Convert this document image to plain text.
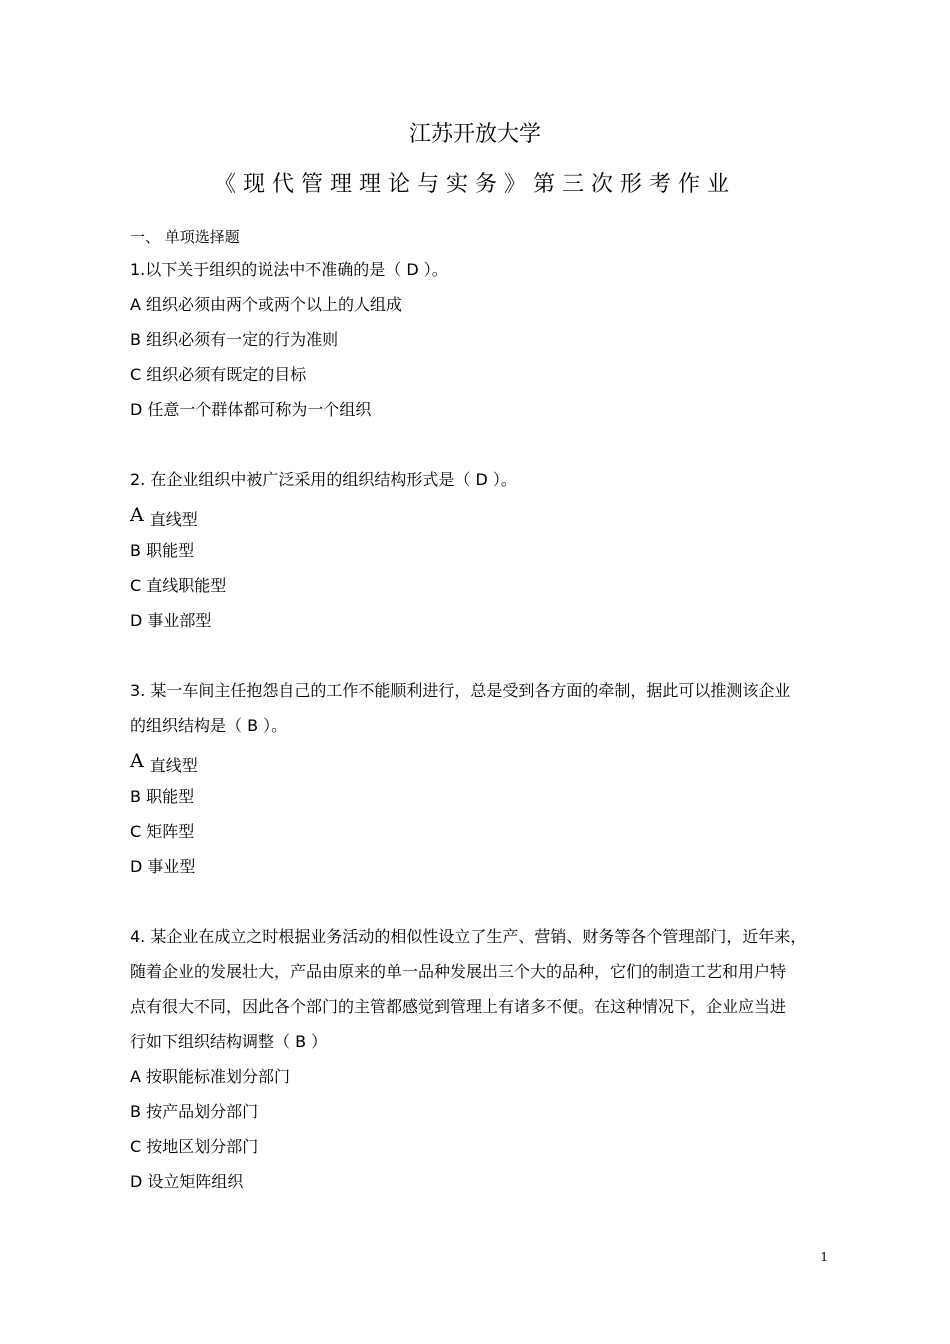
江苏开放大学
《现代管理理论与实务》第三次形考作业
一、 单项选择题
1.以下关于组织的说法中不准确的是（ D ）。
A 组织必须由两个或两个以上的人组成
B 组织必须有一定的行为准则
C 组织必须有既定的目标
D 任意一个群体都可称为一个组织
2. 在企业组织中被广泛采用的组织结构形式是（ D ）。
A 直线型
B 职能型
C 直线职能型
D 事业部型
3. 某一车间主任抱怨自己的工作不能顺利进行，总是受到各方面的牵制，据此可以推测该企业
的组织结构是（ B ）。
A 直线型
B 职能型
C 矩阵型
D 事业型
4. 某企业在成立之时根据业务活动的相似性设立了生产、营销、财务等各个管理部门，近年来，
随着企业的发展壮大，产品由原来的单一品种发展出三个大的品种，它们的制造工艺和用户特
点有很大不同，因此各个部门的主管都感觉到管理上有诸多不便。在这种情况下，企业应当进
行如下组织结构调整（ B ）
A 按职能标准划分部门
B 按产品划分部门
C 按地区划分部门
D 设立矩阵组织
1
